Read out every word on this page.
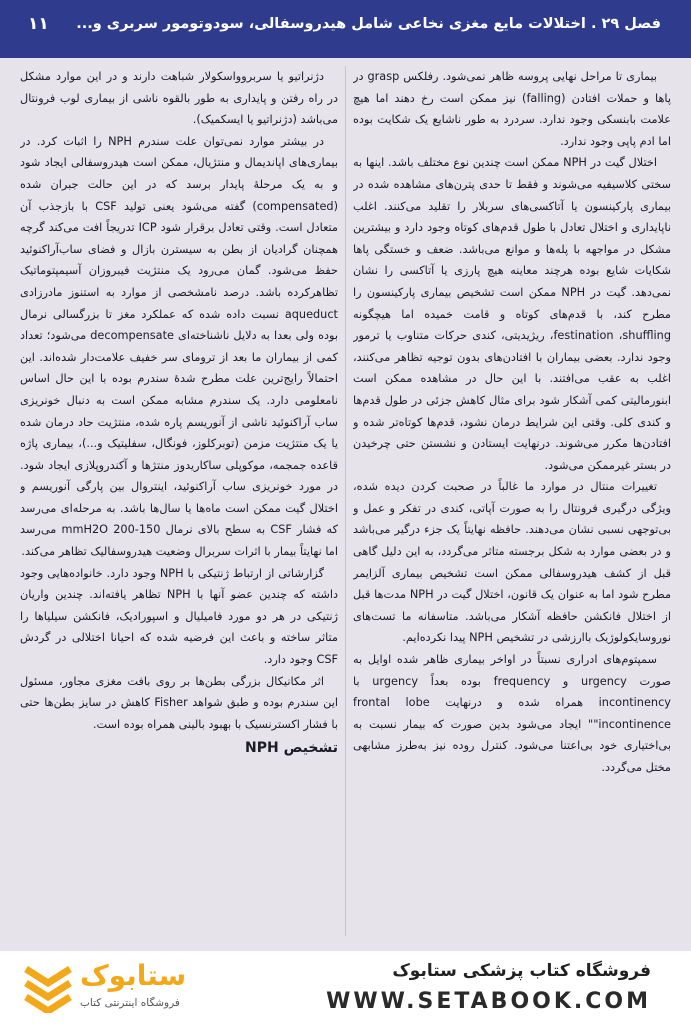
فصل ۲۹ . اختلالات مایع مغزی نخاعی شامل هیدروسفالی، سودوتومور سربری و...
۱۱

بیماری تا مراحل نهایی پروسه ظاهر نمی‌شود. رفلکس grasp در پاها و حملات افتادن (falling) نیز ممکن است رخ دهند اما هیچ علامت بابنسکی وجود ندارد. سردرد به طور ناشایع یک شکایت بوده اما ادم پاپی وجود ندارد.

اختلال گیت در NPH ممکن است چندین نوع مختلف باشد. اینها به سختی کلاسیفیه می‌شوند و فقط تا حدی پترن‌های مشاهده شده در بیماری پارکینسون یا آتاکسی‌های سربلار را تقلید می‌کنند. اغلب ناپایداری و اختلال تعادل با طول قدم‌های کوتاه وجود دارد و بیشترین مشکل در مواجهه با پله‌ها و موانع می‌باشد. ضعف و خستگی پاها شکایات شایع بوده هرچند معاینه هیچ پارزی یا آتاکسی را نشان نمی‌دهد. گیت در NPH ممکن است تشخیص بیماری پارکینسون را مطرح کند، با قدم‌های کوتاه و قامت خمیده اما هیچگونه festination ،shuffling، ریژیدیتی، کندی حرکات متناوب یا ترمور وجود ندارد. بعضی بیماران با افتادن‌های بدون توجیه تظاهر می‌کنند، اغلب به عقب می‌افتند. با این حال در مشاهده ممکن است ابنورمالیتی کمی آشکار شود برای مثال کاهش جزئی در طول قدم‌ها و کندی کلی. وقتی این شرایط درمان نشود، قدم‌ها کوتاه‌تر شده و افتادن‌ها مکرر می‌شوند. درنهایت ایستادن و نشستن حتی چرخیدن در بستر غیرممکن می‌شود.

تغییرات منتال در موارد ما غالباً در صحبت کردن دیده شده، ویژگی درگیری فرونتال را به صورت آپاتی، کندی در تفکر و عمل و بی‌توجهی نسبی نشان می‌دهند. حافظه نهایتاً یک جزء درگیر می‌باشد و در بعضی موارد به شکل برجسته متاثر می‌گردد، به این دلیل گاهی قبل از کشف هیدروسفالی ممکن است تشخیص بیماری آلزایمر مطرح شود اما به عنوان یک قانون، اختلال گیت در NPH مدت‌ها قبل از اختلال فانکشن حافظه آشکار می‌باشد. متاسفانه ما تست‌های نوروسایکولوژیک باارزشی در تشخیص NPH پیدا نکرده‌ایم.

سمپتوم‌های ادراری نسبتاً در اواخر بیماری ظاهر شده اوایل به صورت urgency و frequency بوده بعداً urgency با incontinency همراه شده و درنهایت frontal lobe "incontinence" ایجاد می‌شود بدین صورت که بیمار نسبت به بی‌اختیاری خود بی‌اعتنا می‌شود. کنترل روده نیز به‌طرز مشابهی مختل می‌گردد.

دژنراتیو یا سربرووا‌سکولار شباهت دارند و در این موارد مشکل در راه رفتن و پایداری به طور بالقوه ناشی از بیماری لوب فرونتال می‌باشد (دژنراتیو یا ایسکمیک).

در بیشتر موارد نمی‌توان علت سندرم NPH را اثبات کرد. در بیماری‌های اپاندیمال و منتژیال، ممکن است هیدروسفالی ایجاد شود و به یک مرحلهٔ پایدار برسد که در این حالت جبران شده (compensated) گفته می‌شود یعنی تولید CSF با بازجذب آن متعادل است. وقتی تعادل برقرار شود ICP تدریجاً افت می‌کند گرچه همچنان گرادیان از بطن به سیسترن بازال و فضای ساب‌آراکنوئید حفظ می‌شود. گمان می‌رود یک منتژیت فیبروزان آسیمپتوماتیک تظاهرکرده باشد. درصد نامشخصی از موارد به استنوز مادرزادی aqueduct نسبت داده شده که عملکرد مغز تا بزرگسالی نرمال بوده ولی بعدا به دلایل ناشناخته‌ای decompensate می‌شود؛ تعداد کمی از بیماران ما بعد از ترومای سر خفیف علامت‌دار شده‌اند. این احتمالاً رایج‌ترین علت مطرح شدهٔ سندرم بوده با این حال اساس نامعلومی دارد. یک سندرم مشابه ممکن است به دنبال خونریزی ساب آراکنوئید ناشی از آنوریسم پاره شده، منتژیت حاد درمان شده یا یک منتژیت مزمن (توبرکلوز، فونگال، سفلیتیک و...)، بیماری پاژه قاعده جمجمه، موکوپلی ساکاریدوز منتژها و آکندروپلازی ایجاد شود. در مورد خونریزی ساب آراکنوئید، اینتروال بین پارگی آنوریسم و اختلال گیت ممکن است ماه‌ها یا سال‌ها باشد. به مرحله‌ای می‌رسد که فشار CSF به سطح بالای نرمال 150-200 mmH2O می‌رسد اما نهایتاً بیمار با اثرات سربرال وضعیت هیدروسفالیک تظاهر می‌کند.

گزارشاتی از ارتباط ژنتیکی با NPH وجود دارد. خانواده‌هایی وجود داشته که چندین عضو آنها با NPH تظاهر یافته‌اند. چندین واریان ژنتیکی در هر دو مورد فامیلیال و اسپورادیک، فانکشن سیلیاها را متاثر ساخته و باعث این فرضیه شده که احیانا اختلالی در گردش CSF وجود دارد.

اثر مکانیکال بزرگی بطن‌ها بر روی بافت مغزی مجاور، مسئول این سندرم بوده و طبق شواهد Fisher کاهش در سایز بطن‌ها حتی با فشار اکسترنسیک با بهبود بالینی همراه بوده است.

تشخیص NPH
ستابوک
فروشگاه اینترنتی کتاب
فروشگاه کتاب پزشکی ستابوک
WWW.SETABOOK.COM
